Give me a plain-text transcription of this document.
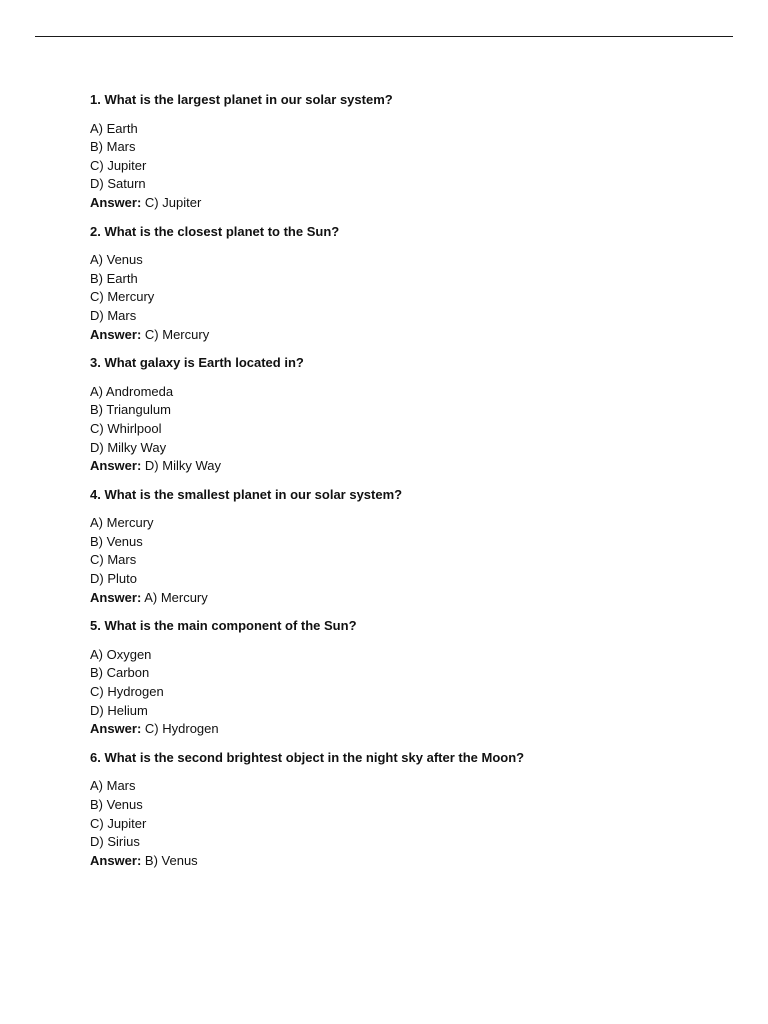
1. What is the largest planet in our solar system?

A) Earth
B) Mars
C) Jupiter
D) Saturn

Answer: C) Jupiter

2. What is the closest planet to the Sun?

A) Venus
B) Earth
C) Mercury
D) Mars

Answer: C) Mercury

3. What galaxy is Earth located in?

A) Andromeda
B) Triangulum
C) Whirlpool
D) Milky Way

Answer: D) Milky Way

4. What is the smallest planet in our solar system?

A) Mercury
B) Venus
C) Mars
D) Pluto

Answer: A) Mercury

5. What is the main component of the Sun?

A) Oxygen
B) Carbon
C) Hydrogen
D) Helium

Answer: C) Hydrogen

6. What is the second brightest object in the night sky after the Moon?

A) Mars
B) Venus
C) Jupiter
D) Sirius

Answer: B) Venus
